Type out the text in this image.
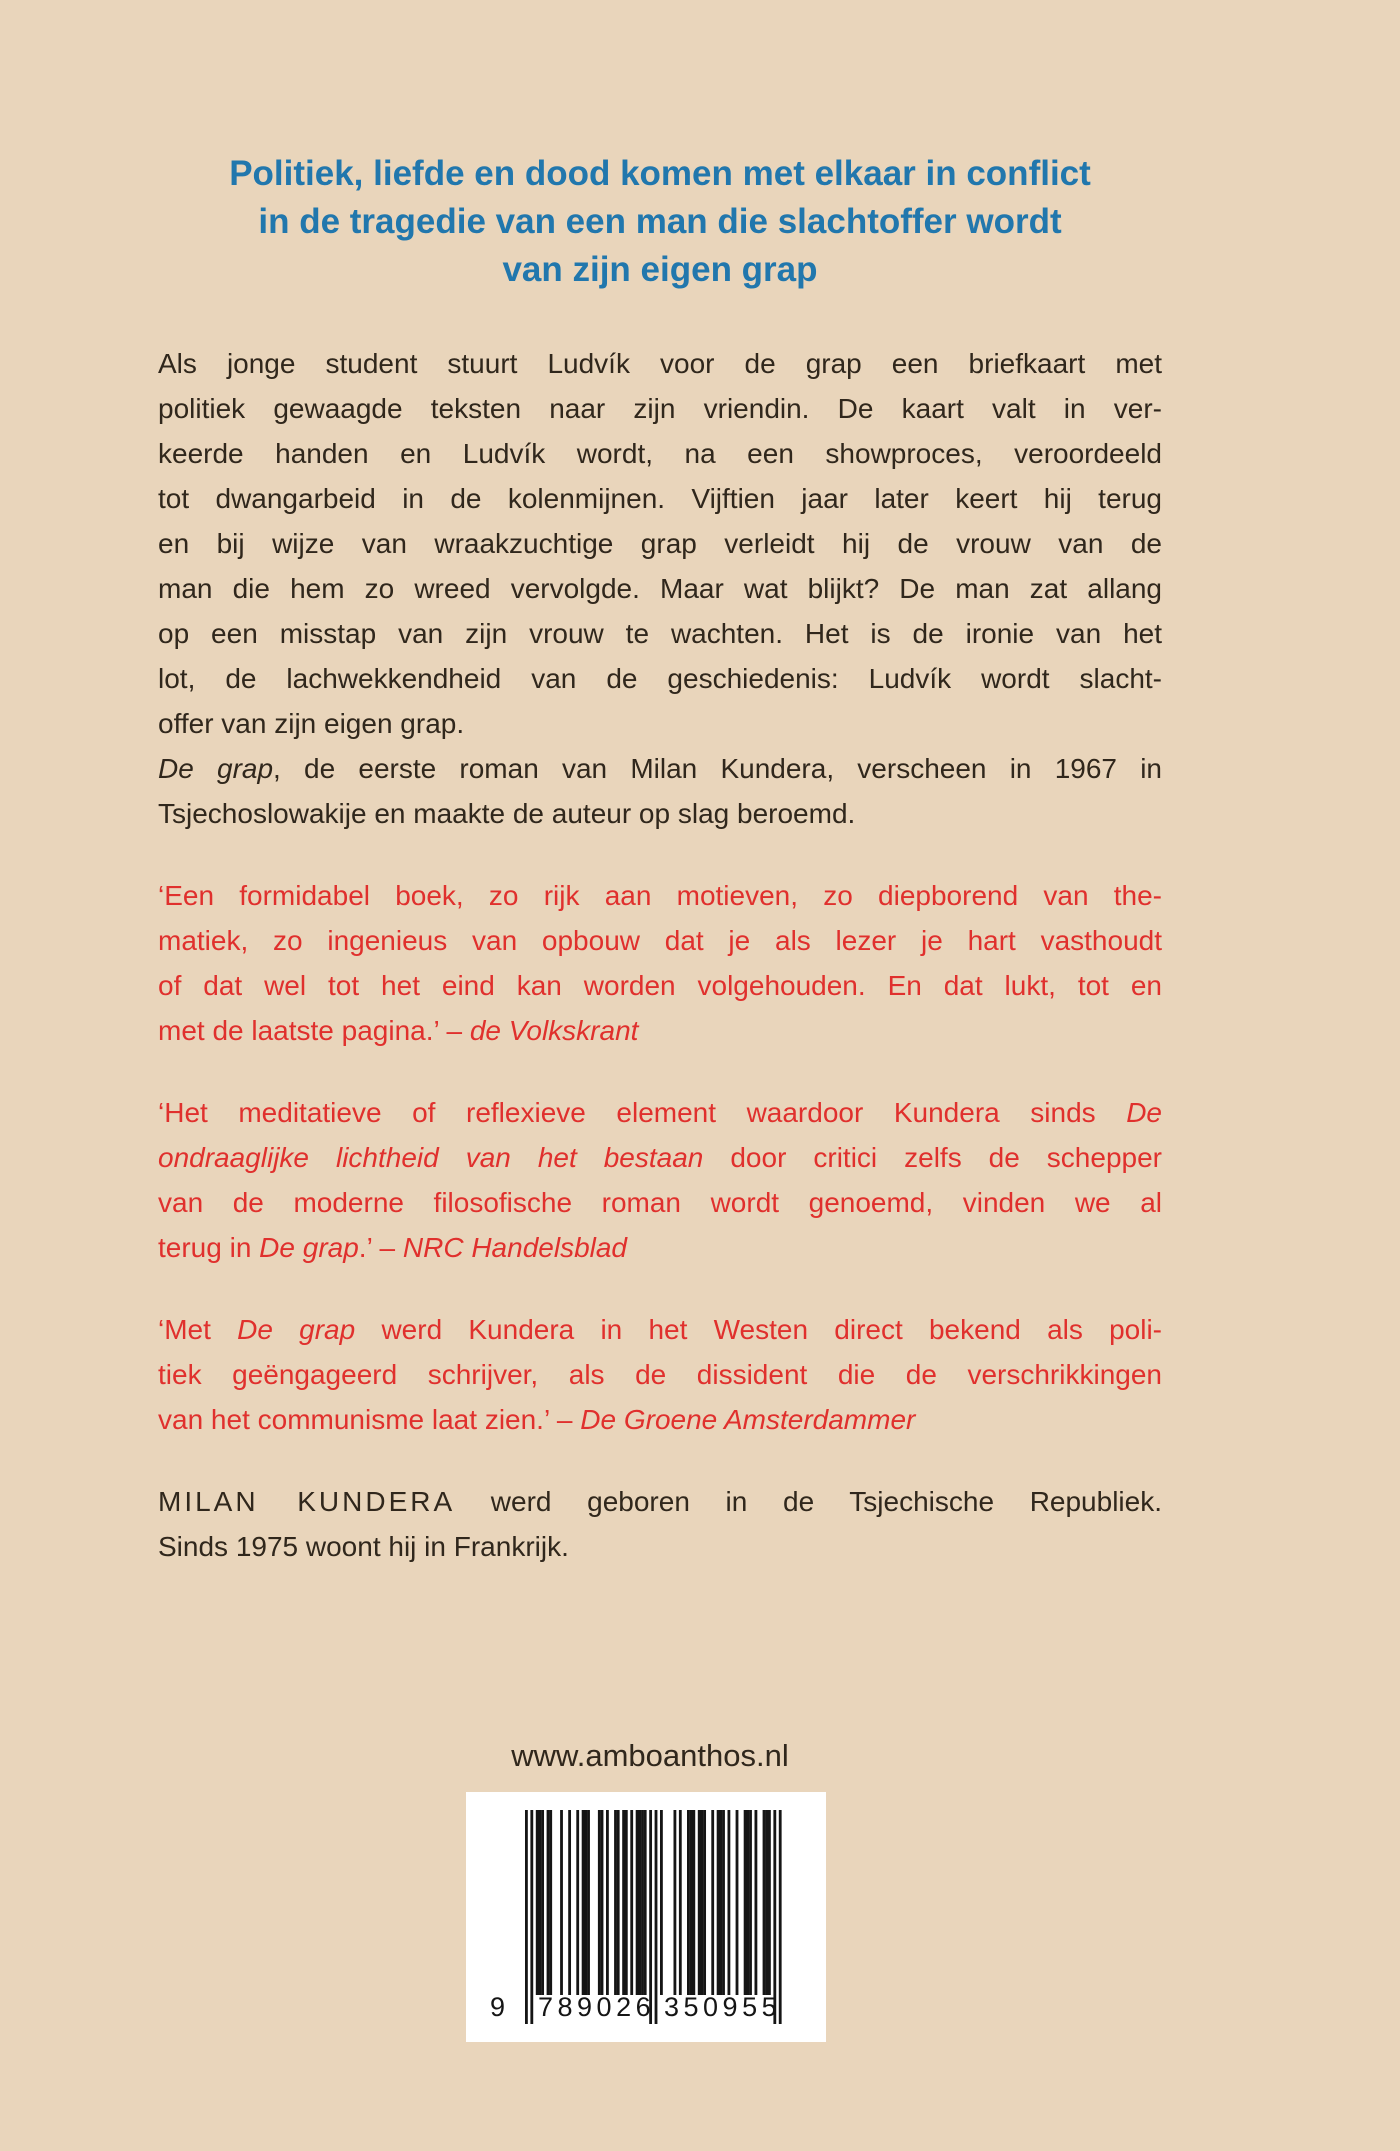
Politiek, liefde en dood komen met elkaar in conflict
in de tragedie van een man die slachtoffer wordt
van zijn eigen grap
Als jonge student stuurt Ludvík voor de grap een briefkaart met
politiek gewaagde teksten naar zijn vriendin. De kaart valt in ver-
keerde handen en Ludvík wordt, na een showproces, veroordeeld
tot dwangarbeid in de kolenmijnen. Vijftien jaar later keert hij terug
en bij wijze van wraakzuchtige grap verleidt hij de vrouw van de
man die hem zo wreed vervolgde. Maar wat blijkt? De man zat allang
op een misstap van zijn vrouw te wachten. Het is de ironie van het
lot, de lachwekkendheid van de geschiedenis: Ludvík wordt slacht-
offer van zijn eigen grap.
De grap, de eerste roman van Milan Kundera, verscheen in 1967 in
Tsjechoslowakije en maakte de auteur op slag beroemd.
‘Een formidabel boek, zo rijk aan motieven, zo diepborend van the-
matiek, zo ingenieus van opbouw dat je als lezer je hart vasthoudt
of dat wel tot het eind kan worden volgehouden. En dat lukt, tot en
met de laatste pagina.’ – de Volkskrant
‘Het meditatieve of reflexieve element waardoor Kundera sinds De
ondraaglijke lichtheid van het bestaan door critici zelfs de schepper
van de moderne filosofische roman wordt genoemd, vinden we al
terug in De grap.’ – NRC Handelsblad
‘Met De grap werd Kundera in het Westen direct bekend als poli-
tiek geëngageerd schrijver, als de dissident die de verschrikkingen
van het communisme laat zien.’ – De Groene Amsterdammer
MILAN KUNDERA werd geboren in de Tsjechische Republiek.
Sinds 1975 woont hij in Frankrijk.
www.amboanthos.nl
9 789026 350955
